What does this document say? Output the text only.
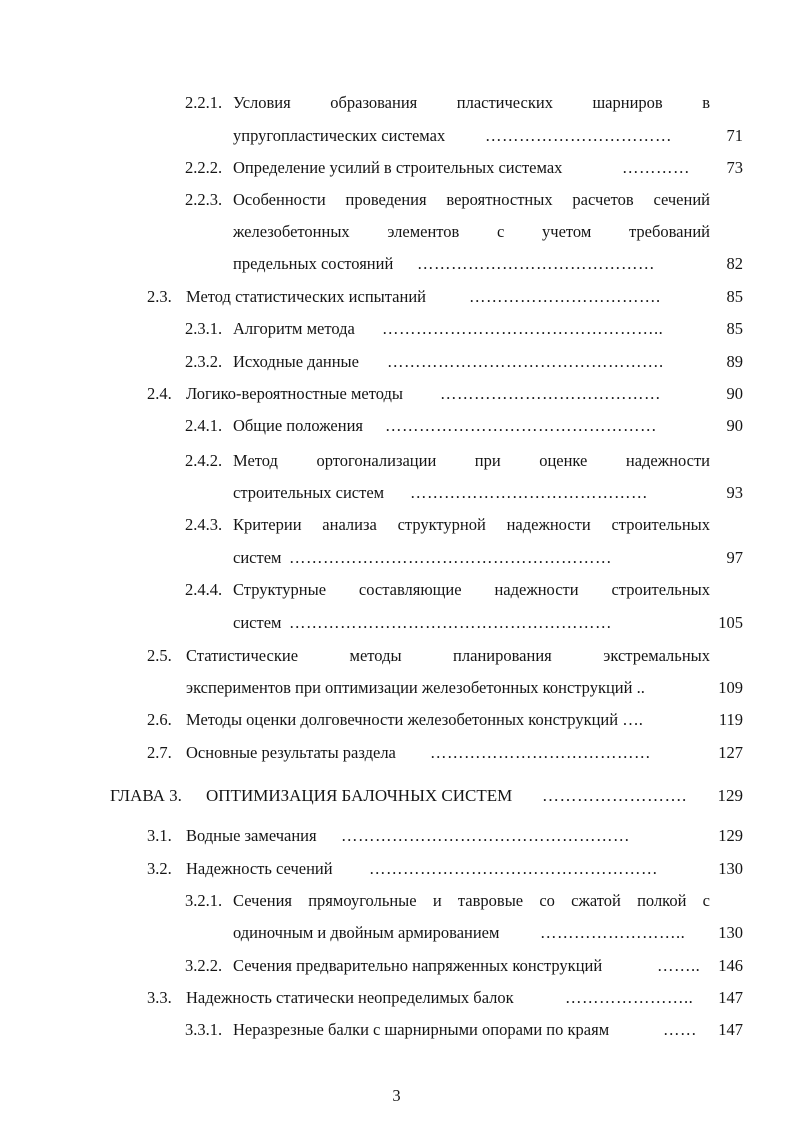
2.2.1. Условия образования пластических шарниров в
упругопластических системах ……………………………	71
2.2.2. Определение усилий в строительных системах	…………	73
2.2.3. Особенности проведения вероятностных расчетов сечений
железобетонных элементов с учетом требований
предельных состояний ……………………………………	82
2.3. Метод статистических испытаний	…………………………….	85
2.3.1. Алгоритм метода …………………………………………..	85
2.3.2. Исходные данные ………………………………………….	89
2.4. Логико-вероятностные методы …………………………………	90
2.4.1. Общие положения …………………………………………	90
2.4.2. Метод ортогонализации при оценке надежности
строительных систем ……………………………………	93
2.4.3. Критерии анализа структурной надежности строительных
систем …………………………………………………	97
2.4.4. Структурные составляющие надежности строительных
систем …………………………………………………	105
2.5. Статистические методы планирования экстремальных
экспериментов при оптимизации железобетонных конструкций ..	109
2.6. Методы оценки долговечности железобетонных конструкций ….	119
2.7. Основные результаты раздела …………………………………	127
ГЛАВА 3. ОПТИМИЗАЦИЯ БАЛОЧНЫХ СИСТЕМ …………………….	129
3.1. Водные замечания ……………………………………………	129
3.2. Надежность сечений ……………………………………………	130
3.2.1. Сечения прямоугольные и тавровые со сжатой полкой с
одиночным и двойным армированием ……………………..	130
3.2.2. Сечения предварительно напряженных конструкций	……..	146
3.3. Надежность статически неопределимых балок	…………………..	147
3.3.1. Неразрезные балки с шарнирными опорами по краям	……	147
3
